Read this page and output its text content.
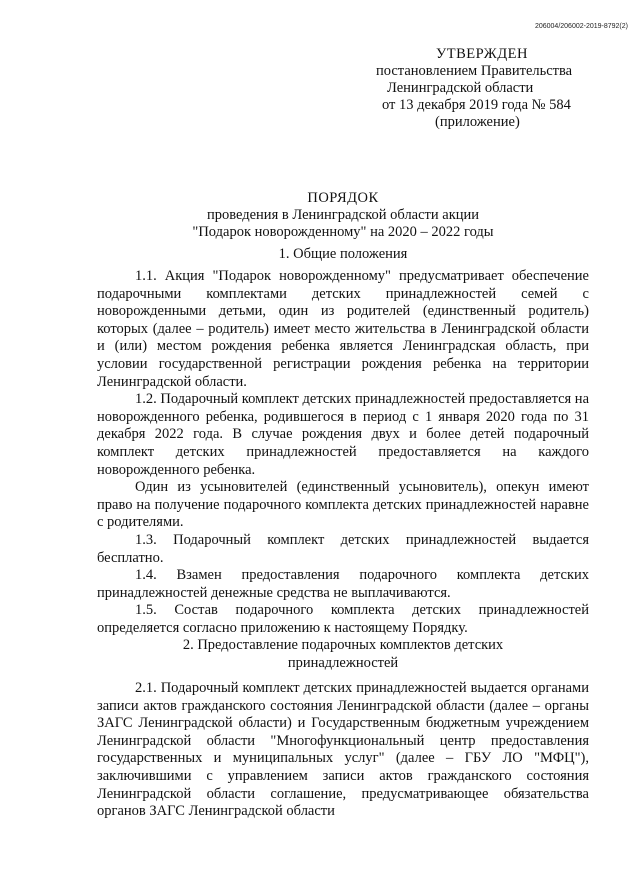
206004/206002-2019-8792(2)
УТВЕРЖДЕН
постановлением Правительства
Ленинградской области
от 13 декабря 2019 года № 584
(приложение)
ПОРЯДОК
проведения в Ленинградской области акции
"Подарок новорожденному" на 2020 – 2022 годы
1. Общие положения

1.1. Акция "Подарок новорожденному" предусматривает обеспечение подарочными комплектами детских принадлежностей семей с новорожденными детьми, один из родителей (единственный родитель) которых (далее – родитель) имеет место жительства в Ленинградской области и (или) местом рождения ребенка является Ленинградская область, при условии государственной регистрации рождения ребенка на территории Ленинградской области.

1.2. Подарочный комплект детских принадлежностей предоставляется на новорожденного ребенка, родившегося в период с 1 января 2020 года по 31 декабря 2022 года. В случае рождения двух и более детей подарочный комплект детских принадлежностей предоставляется на каждого новорожденного ребенка.

Один из усыновителей (единственный усыновитель), опекун имеют право на получение подарочного комплекта детских принадлежностей наравне с родителями.

1.3. Подарочный комплект детских принадлежностей выдается бесплатно.

1.4. Взамен предоставления подарочного комплекта детских принадлежностей денежные средства не выплачиваются.

1.5. Состав подарочного комплекта детских принадлежностей определяется согласно приложению к настоящему Порядку.

2. Предоставление подарочных комплектов детских
принадлежностей

2.1. Подарочный комплект детских принадлежностей выдается органами записи актов гражданского состояния Ленинградской области (далее – органы ЗАГС Ленинградской области) и Государственным бюджетным учреждением Ленинградской области "Многофункциональный центр предоставления государственных и муниципальных услуг" (далее – ГБУ ЛО "МФЦ"), заключившими с управлением записи актов гражданского состояния Ленинградской области соглашение, предусматривающее обязательства органов ЗАГС Ленинградской области
